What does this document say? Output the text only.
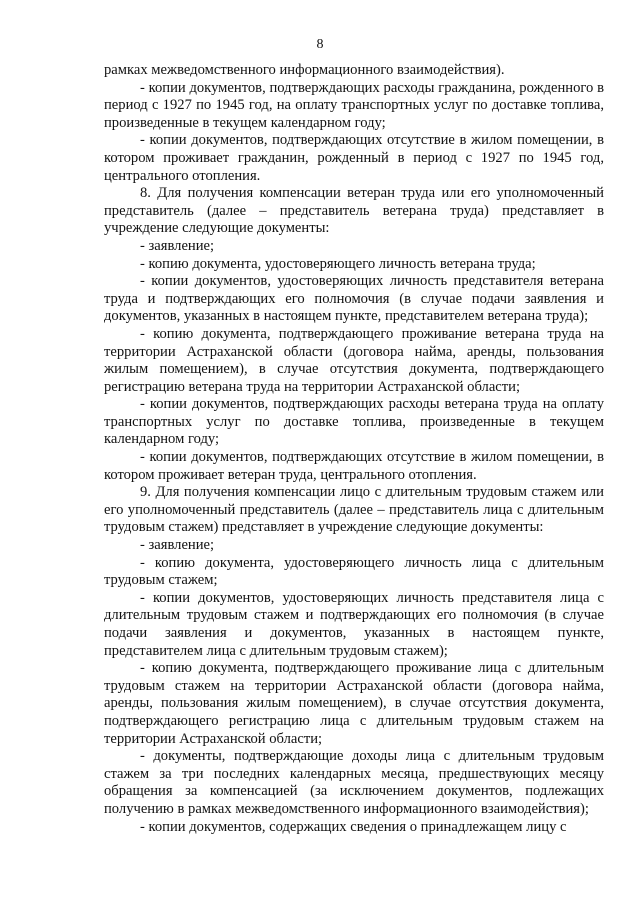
8

рамках межведомственного информационного взаимодействия).

- копии документов, подтверждающих расходы гражданина, рожденного в период с 1927 по 1945 год, на оплату транспортных услуг по доставке топлива, произведенные в текущем календарном году;

- копии документов, подтверждающих отсутствие в жилом помещении, в котором проживает гражданин, рожденный в период с 1927 по 1945 год, центрального отопления.

8. Для получения компенсации ветеран труда или его уполномоченный представитель (далее – представитель ветерана труда) представляет в учреждение следующие документы:

- заявление;

- копию документа, удостоверяющего личность ветерана труда;

- копии документов, удостоверяющих личность представителя ветерана труда и подтверждающих его полномочия (в случае подачи заявления и документов, указанных в настоящем пункте, представителем ветерана труда);

- копию документа, подтверждающего проживание ветерана труда на территории Астраханской области (договора найма, аренды, пользования жилым помещением), в случае отсутствия документа, подтверждающего регистрацию ветерана труда на территории Астраханской области;

- копии документов, подтверждающих расходы ветерана труда на оплату транспортных услуг по доставке топлива, произведенные в текущем календарном году;

- копии документов, подтверждающих отсутствие в жилом помещении, в котором проживает ветеран труда, центрального отопления.

9. Для получения компенсации лицо с длительным трудовым стажем или его уполномоченный представитель (далее – представитель лица с длительным трудовым стажем) представляет в учреждение следующие документы:

- заявление;

- копию документа, удостоверяющего личность лица с длительным трудовым стажем;

- копии документов, удостоверяющих личность представителя лица с длительным трудовым стажем и подтверждающих его полномочия (в случае подачи заявления и документов, указанных в настоящем пункте, представителем лица с длительным трудовым стажем);

- копию документа, подтверждающего проживание лица с длительным трудовым стажем на территории Астраханской области (договора найма, аренды, пользования жилым помещением), в случае отсутствия документа, подтверждающего регистрацию лица с длительным трудовым стажем на территории Астраханской области;

- документы, подтверждающие доходы лица с длительным трудовым стажем за три последних календарных месяца, предшествующих месяцу обращения за компенсацией (за исключением документов, подлежащих получению в рамках межведомственного информационного взаимодействия);

- копии документов, содержащих сведения о принадлежащем лицу с
